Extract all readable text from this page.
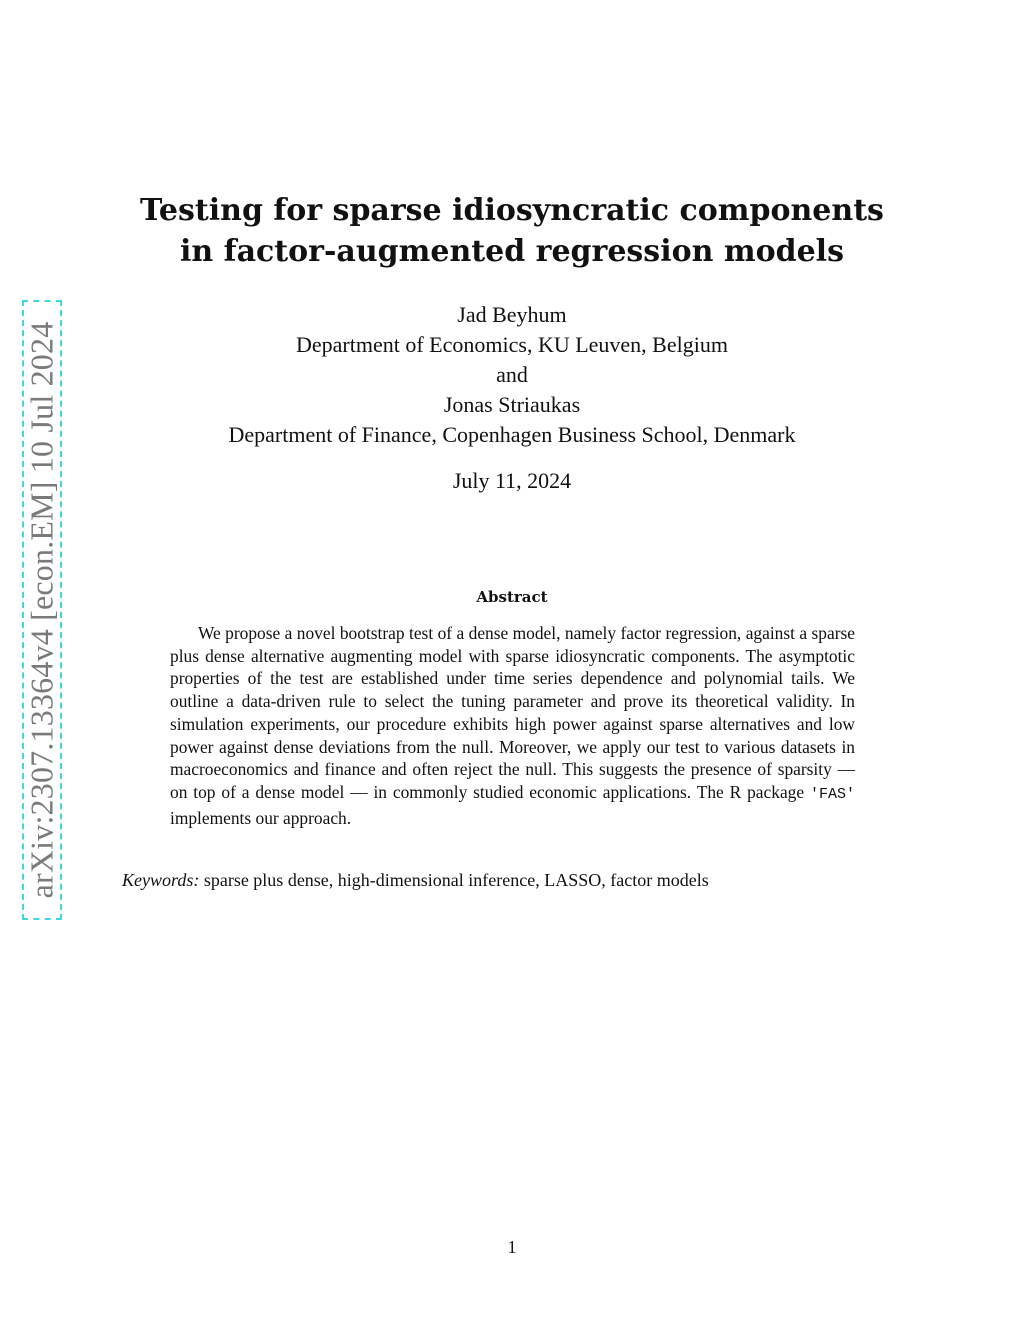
arXiv:2307.13364v4 [econ.EM] 10 Jul 2024
Testing for sparse idiosyncratic components
in factor-augmented regression models
Jad Beyhum
Department of Economics, KU Leuven, Belgium
and
Jonas Striaukas
Department of Finance, Copenhagen Business School, Denmark
July 11, 2024
Abstract
We propose a novel bootstrap test of a dense model, namely factor regression, against a sparse plus dense alternative augmenting model with sparse idiosyncratic components. The asymptotic properties of the test are established under time series dependence and polynomial tails. We outline a data-driven rule to select the tuning parameter and prove its theoretical validity. In simulation experiments, our procedure exhibits high power against sparse alternatives and low power against dense deviations from the null. Moreover, we apply our test to various datasets in macroeconomics and finance and often reject the null. This suggests the presence of sparsity — on top of a dense model — in commonly studied economic applications. The R package 'FAS' implements our approach.
Keywords: sparse plus dense, high-dimensional inference, LASSO, factor models
1
